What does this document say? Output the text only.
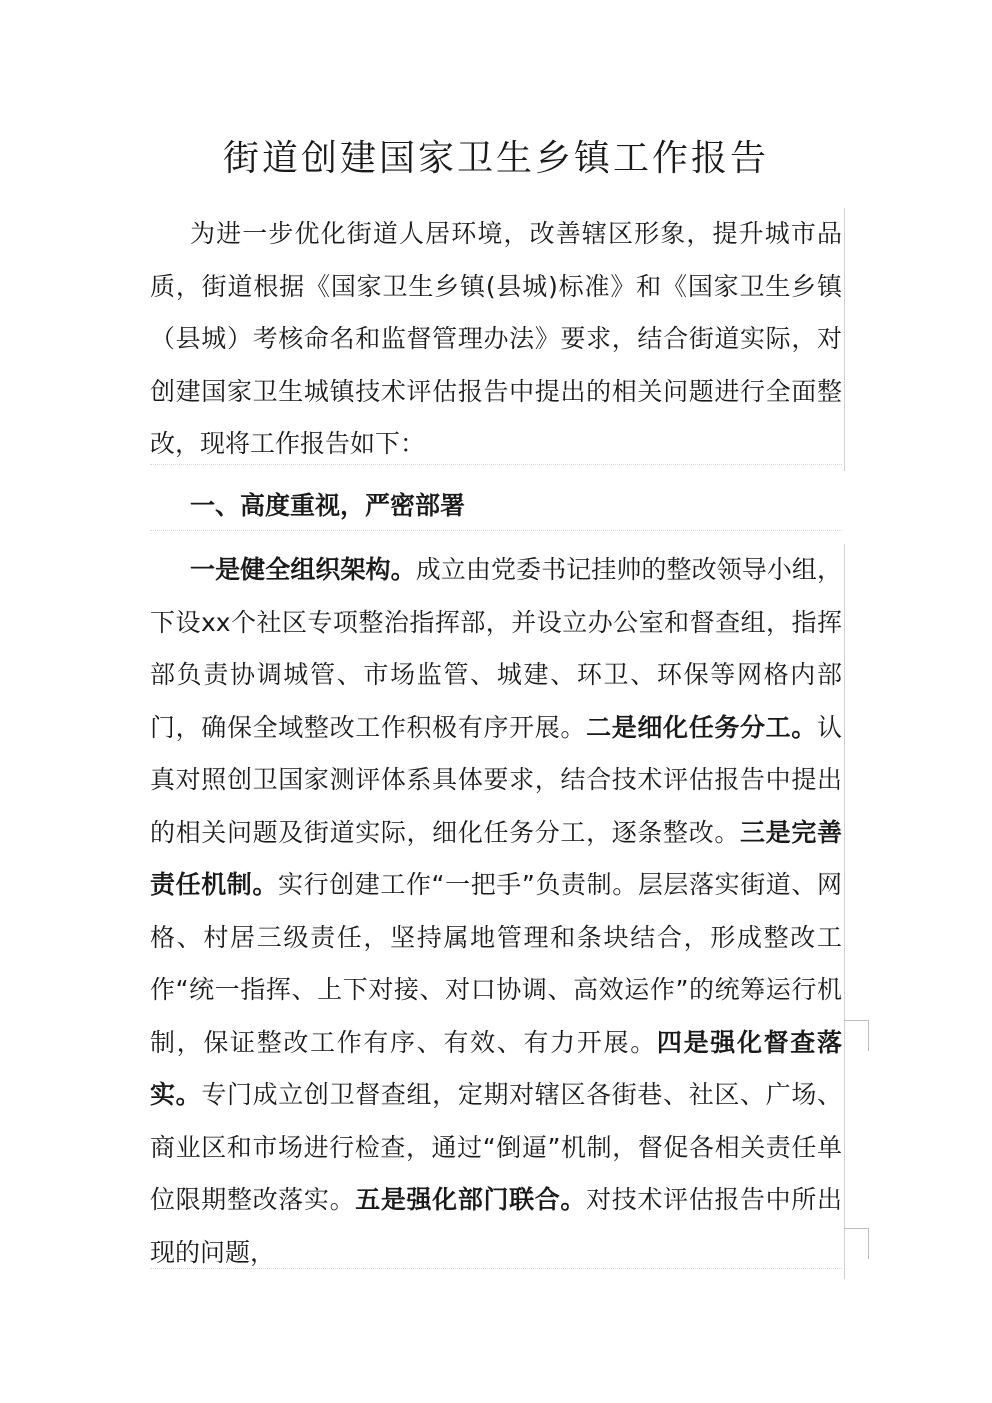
街道创建国家卫生乡镇工作报告

为进一步优化街道人居环境，改善辖区形象，提升城市品质，街道根据《国家卫生乡镇(县城)标准》和《国家卫生乡镇（县城）考核命名和监督管理办法》要求，结合街道实际，对创建国家卫生城镇技术评估报告中提出的相关问题进行全面整改，现将工作报告如下：

一、高度重视，严密部署

一是健全组织架构。成立由党委书记挂帅的整改领导小组，下设xx个社区专项整治指挥部，并设立办公室和督查组，指挥部负责协调城管、市场监管、城建、环卫、环保等网格内部门，确保全域整改工作积极有序开展。二是细化任务分工。认真对照创卫国家测评体系具体要求，结合技术评估报告中提出的相关问题及街道实际，细化任务分工，逐条整改。三是完善责任机制。实行创建工作“一把手”负责制。层层落实街道、网格、村居三级责任，坚持属地管理和条块结合，形成整改工作“统一指挥、上下对接、对口协调、高效运作”的统筹运行机制，保证整改工作有序、有效、有力开展。四是强化督查落实。专门成立创卫督查组，定期对辖区各街巷、社区、广场、商业区和市场进行检查，通过“倒逼”机制，督促各相关责任单位限期整改落实。五是强化部门联合。对技术评估报告中所出现的问题，
